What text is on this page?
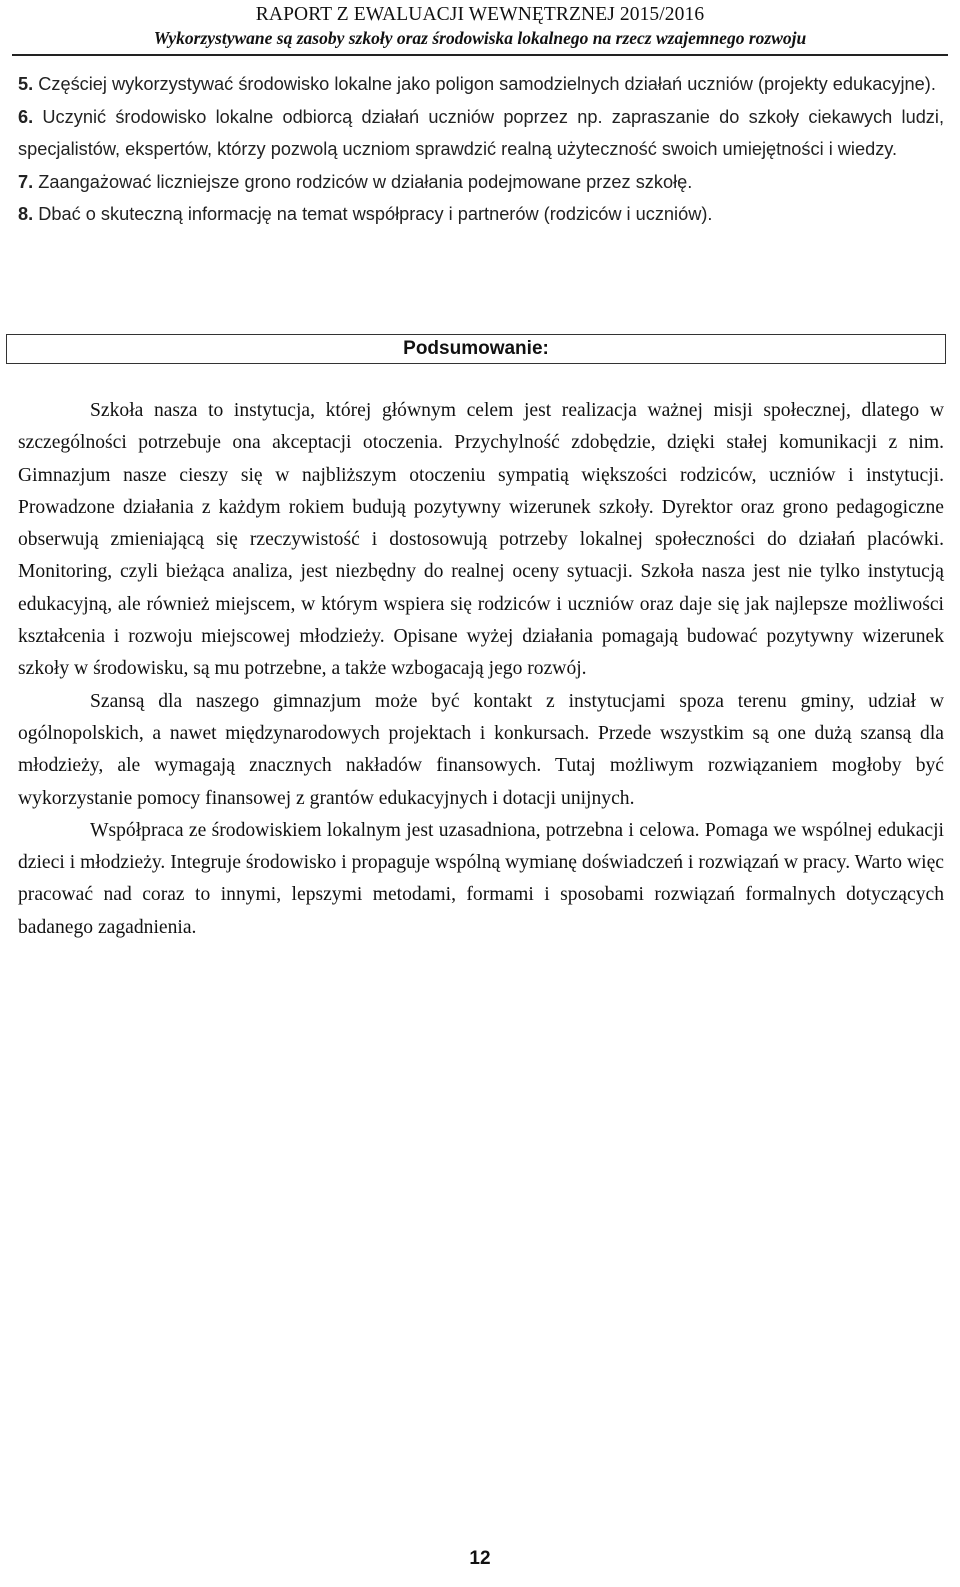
RAPORT Z EWALUACJI WEWNĘTRZNEJ 2015/2016
Wykorzystywane są zasoby szkoły oraz środowiska lokalnego na rzecz wzajemnego rozwoju
5. Częściej wykorzystywać środowisko lokalne jako poligon samodzielnych działań uczniów (projekty edukacyjne).
6. Uczynić środowisko lokalne odbiorcą działań uczniów poprzez np. zapraszanie do szkoły ciekawych ludzi, specjalistów, ekspertów, którzy pozwolą uczniom sprawdzić realną użyteczność swoich umiejętności i wiedzy.
7. Zaangażować liczniejsze grono rodziców w działania podejmowane przez szkołę.
8. Dbać o skuteczną informację na temat współpracy i partnerów (rodziców i uczniów).
Podsumowanie:

Szkoła nasza to instytucja, której głównym celem jest realizacja ważnej misji społecznej, dlatego w szczególności potrzebuje ona akceptacji otoczenia. Przychylność zdobędzie, dzięki stałej komunikacji z nim. Gimnazjum nasze cieszy się w najbliższym otoczeniu sympatią większości rodziców, uczniów i instytucji. Prowadzone działania z każdym rokiem budują pozytywny wizerunek szkoły. Dyrektor oraz grono pedagogiczne obserwują zmieniającą się rzeczywistość i dostosowują potrzeby lokalnej społeczności do działań placówki. Monitoring, czyli bieżąca analiza, jest niezbędny do realnej oceny sytuacji. Szkoła nasza jest nie tylko instytucją edukacyjną, ale również miejscem, w którym wspiera się rodziców i uczniów oraz daje się jak najlepsze możliwości kształcenia i rozwoju miejscowej młodzieży. Opisane wyżej działania pomagają budować pozytywny wizerunek szkoły w środowisku, są mu potrzebne, a także wzbogacają jego rozwój.

Szansą dla naszego gimnazjum może być kontakt z instytucjami spoza terenu gminy, udział w ogólnopolskich, a nawet międzynarodowych projektach i konkursach. Przede wszystkim są one dużą szansą dla młodzieży, ale wymagają znacznych nakładów finansowych. Tutaj możliwym rozwiązaniem mogłoby być wykorzystanie pomocy finansowej z grantów edukacyjnych i dotacji unijnych.

Współpraca ze środowiskiem lokalnym jest uzasadniona, potrzebna i celowa. Pomaga we wspólnej edukacji dzieci i młodzieży. Integruje środowisko i propaguje wspólną wymianę doświadczeń i rozwiązań w pracy. Warto więc pracować nad coraz to innymi, lepszymi metodami, formami i sposobami rozwiązań formalnych dotyczących badanego zagadnienia.

12
